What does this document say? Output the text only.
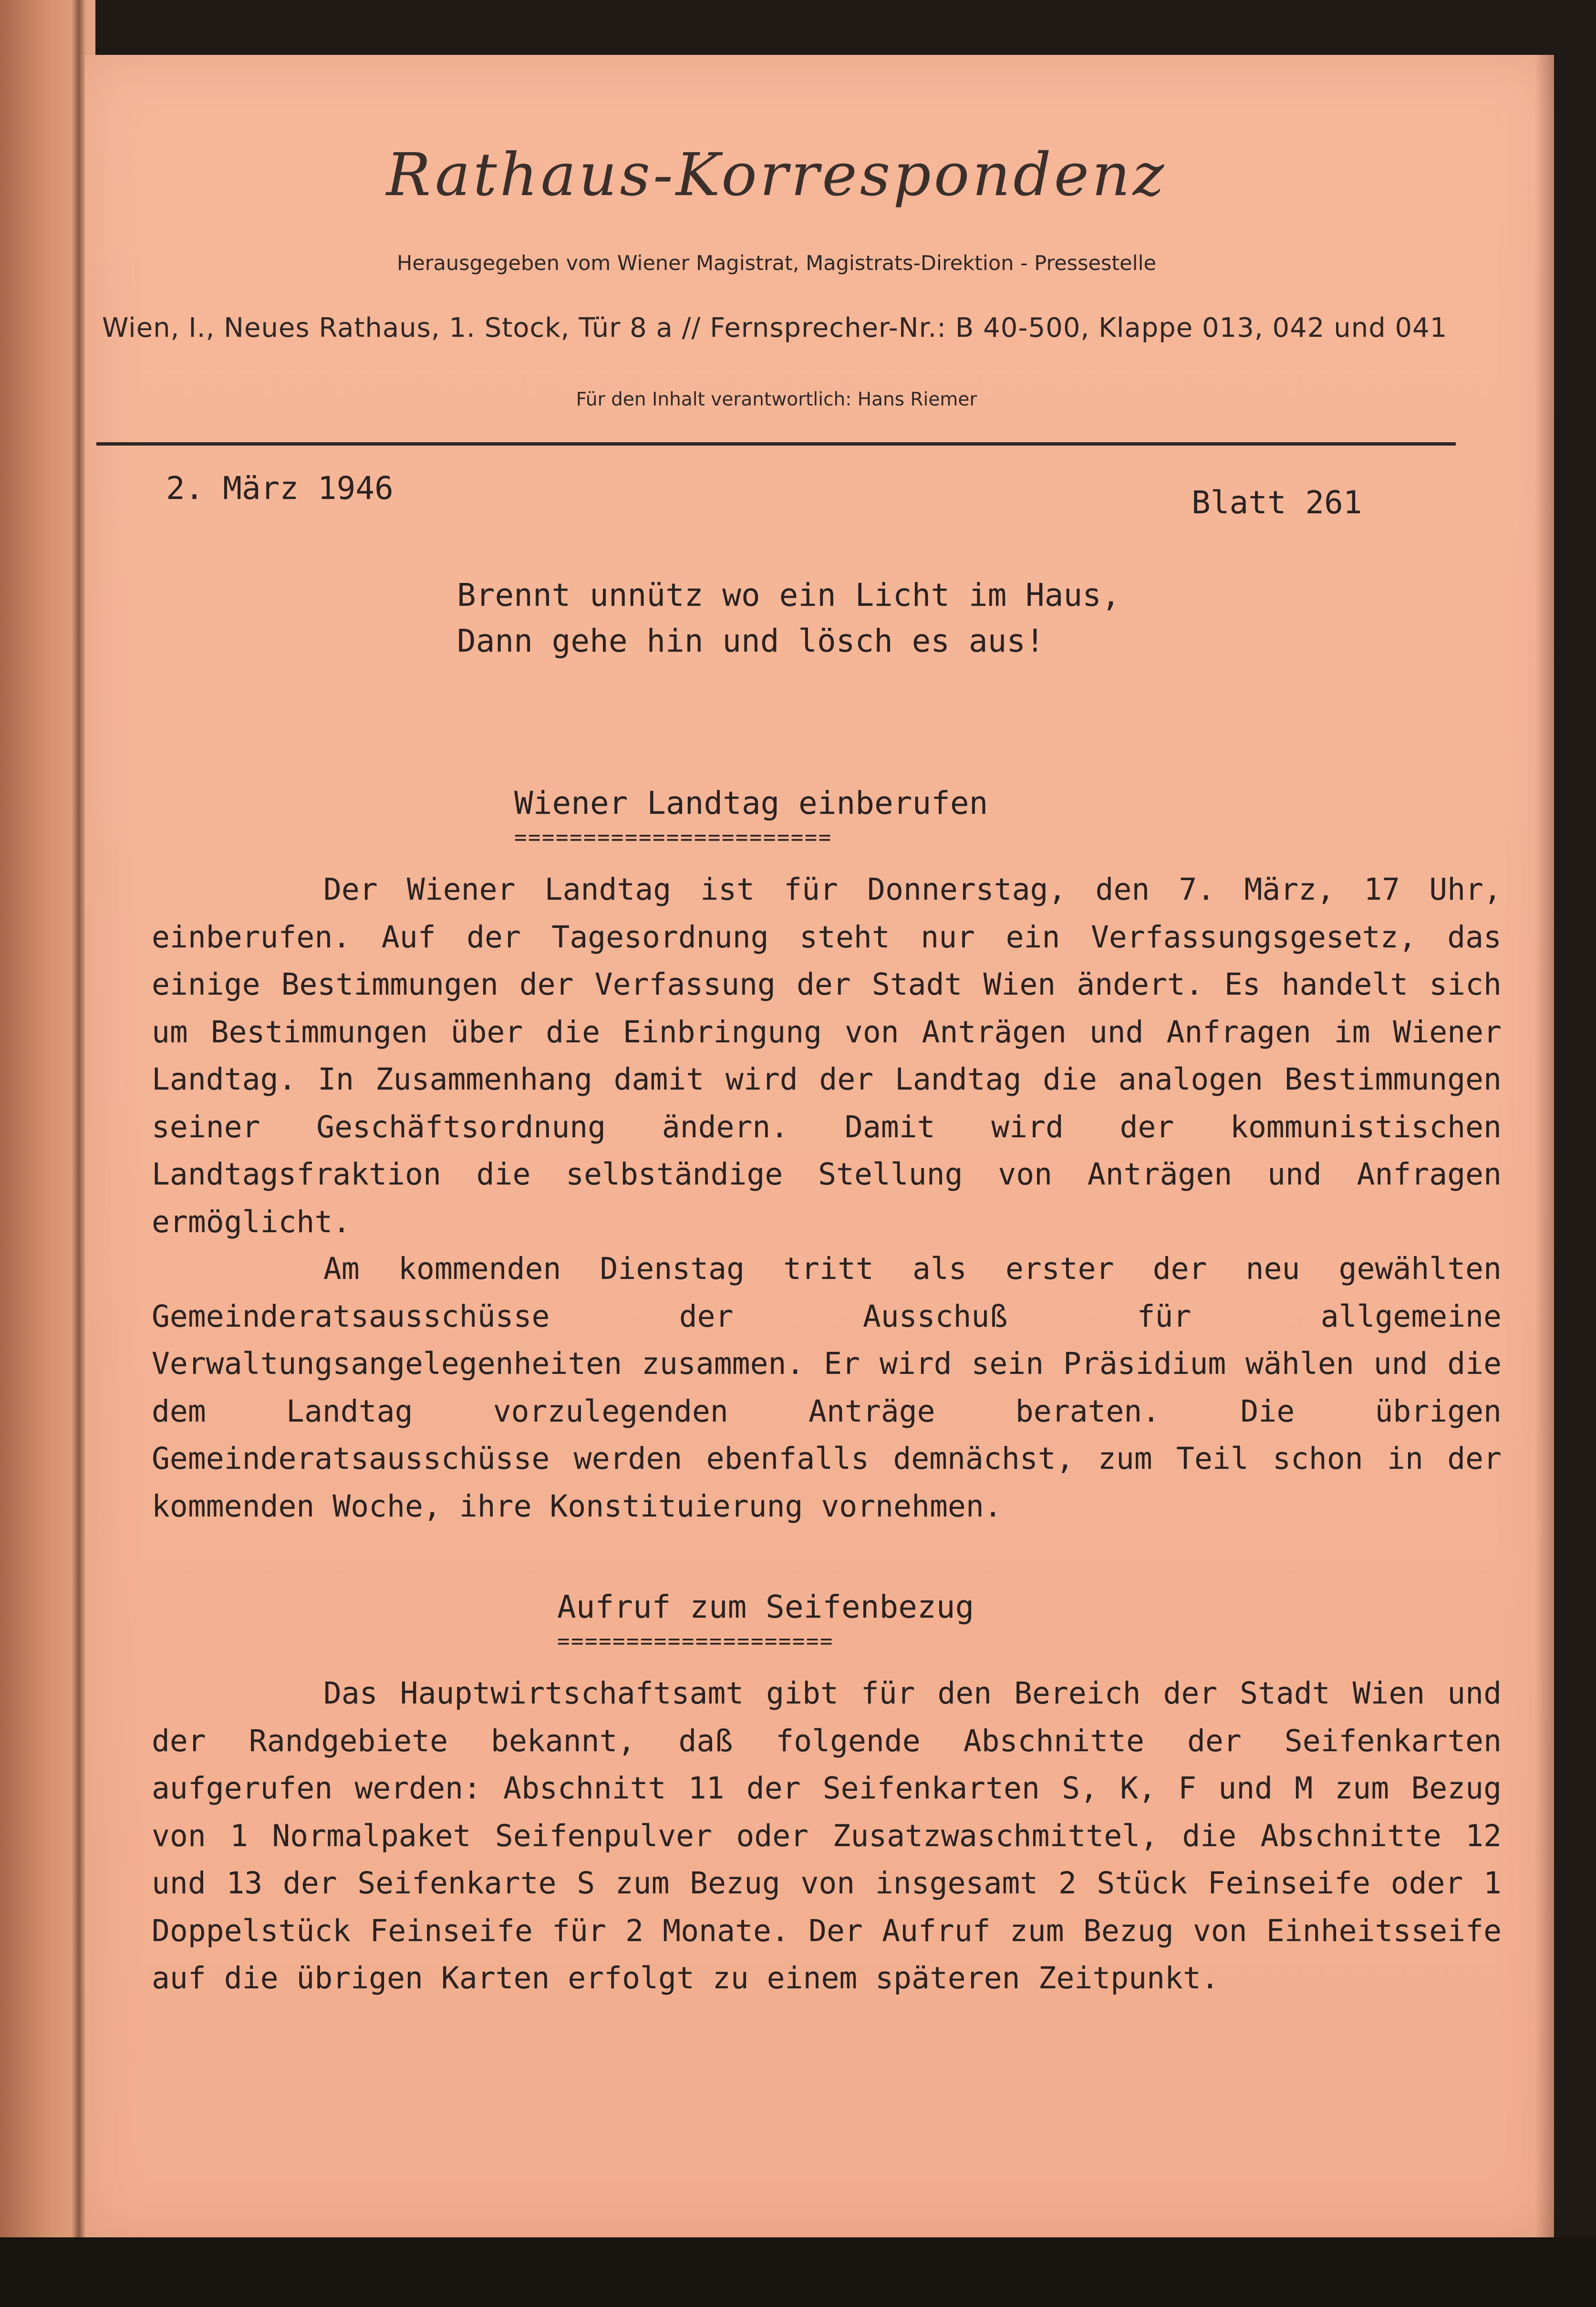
Rathaus-Korrespondenz
Herausgegeben vom Wiener Magistrat, Magistrats-Direktion - Pressestelle
Wien, I., Neues Rathaus, 1. Stock, Tür 8 a // Fernsprecher-Nr.: B 40-500, Klappe 013, 042 und 041
Für den Inhalt verantwortlich: Hans Riemer
2. März 1946	Blatt 261
Brennt unnütz wo ein Licht im Haus,
Dann gehe hin und lösch es aus!
Wiener Landtag einberufen
=======================
Der Wiener Landtag ist für Donnerstag, den 7. März, 17 Uhr, einberufen. Auf der Tagesordnung steht nur ein Verfassungsgesetz, das einige Bestimmungen der Verfassung der Stadt Wien ändert. Es handelt sich um Bestimmungen über die Einbringung von Anträgen und Anfragen im Wiener Landtag. In Zusammenhang damit wird der Landtag die analogen Bestimmungen seiner Geschäftsordnung ändern. Damit wird der kommunistischen Landtagsfraktion die selbständige Stellung von Anträgen und Anfragen ermöglicht.
Am kommenden Dienstag tritt als erster der neu gewählten Gemeinderatsausschüsse der Ausschuß für allgemeine Verwaltungsangelegenheiten zusammen. Er wird sein Präsidium wählen und die dem Landtag vorzulegenden Anträge beraten. Die übrigen Gemeinderatsausschüsse werden ebenfalls demnächst, zum Teil schon in der kommenden Woche, ihre Konstituierung vornehmen.
Aufruf zum Seifenbezug
====================
Das Hauptwirtschaftsamt gibt für den Bereich der Stadt Wien und der Randgebiete bekannt, daß folgende Abschnitte der Seifenkarten aufgerufen werden: Abschnitt 11 der Seifenkarten S, K, F und M zum Bezug von 1 Normalpaket Seifenpulver oder Zusatzwaschmittel, die Abschnitte 12 und 13 der Seifenkarte S zum Bezug von insgesamt 2 Stück Feinseife oder 1 Doppelstück Feinseife für 2 Monate. Der Aufruf zum Bezug von Einheitsseife auf die übrigen Karten erfolgt zu einem späteren Zeitpunkt.
